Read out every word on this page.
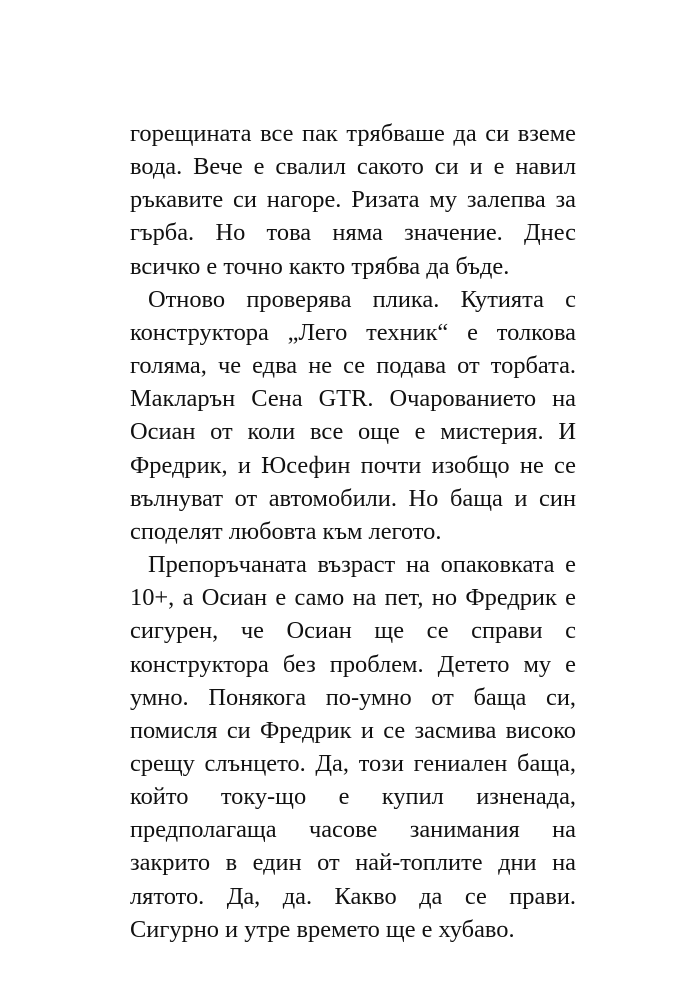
горещината все пак трябваше да си вземе
вода. Вече е свалил сакото си и е навил
ръкавите си нагоре. Ризата му залепва за
гърба. Но това няма значение. Днес
всичко е точно както трябва да бъде.

Отново проверява плика. Кутията с
конструктора „Лего техник“ е толкова
голяма, че едва не се подава от торбата.
Макларън Сена GTR. Очарованието на
Осиан от коли все още е мистерия. И
Фредрик, и Юсефин почти изобщо не се
вълнуват от автомобили. Но баща и син
споделят любовта към легото.

Препоръчаната възраст на опаковката е
10+, а Осиан е само на пет, но Фредрик е
сигурен, че Осиан ще се справи с
конструктора без проблем. Детето му е
умно. Понякога по-умно от баща си,
помисля си Фредрик и се засмива високо
срещу слънцето. Да, този гениален баща,
който току-що е купил изненада,
предполагаща часове занимания на
закрито в един от най-топлите дни на
лятото. Да, да. Какво да се прави.
Сигурно и утре времето ще е хубаво.
